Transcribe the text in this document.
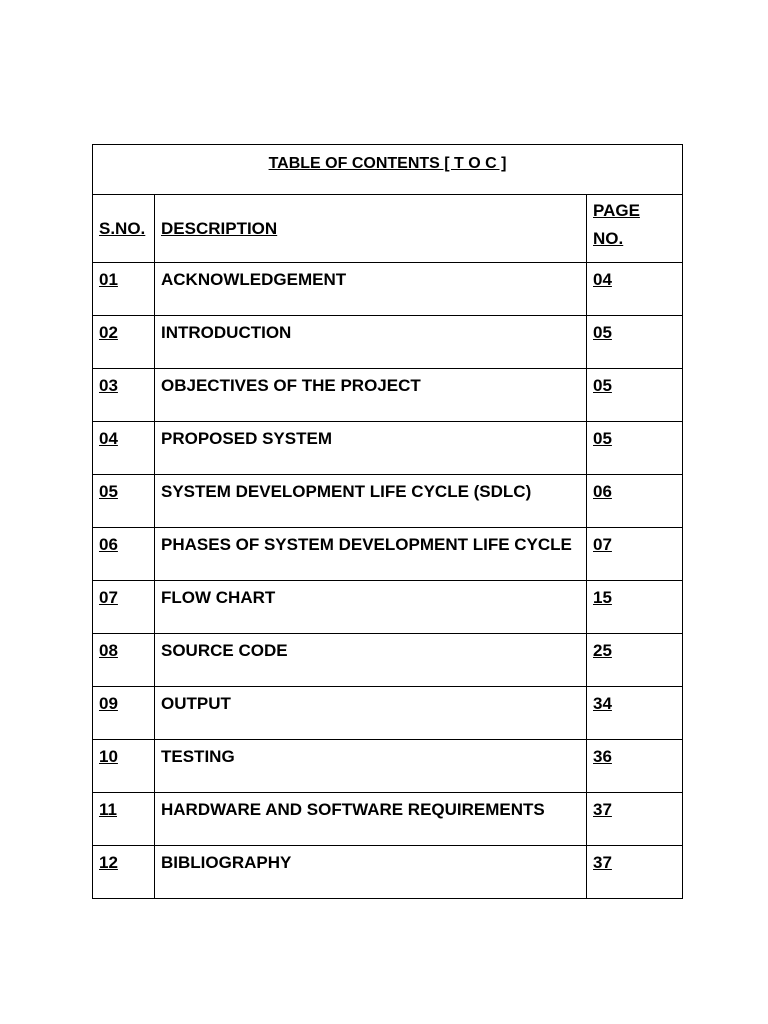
TABLE OF CONTENTS [ T O C ]		
S.NO.	DESCRIPTION	PAGE
NO.
01	ACKNOWLEDGEMENT	04
02	INTRODUCTION	05
03	OBJECTIVES OF THE PROJECT	05
04	PROPOSED SYSTEM	05
05	SYSTEM DEVELOPMENT LIFE CYCLE (SDLC)	06
06	PHASES OF SYSTEM DEVELOPMENT LIFE CYCLE	07
07	FLOW CHART	15
08	SOURCE CODE	25
09	OUTPUT	34
10	TESTING	36
11	HARDWARE AND SOFTWARE REQUIREMENTS	37
12	BIBLIOGRAPHY	37
